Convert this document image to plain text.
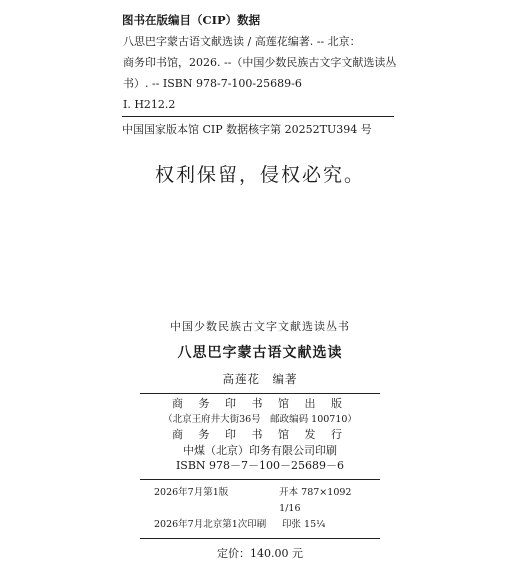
图书在版编目（CIP）数据
八思巴字蒙古语文献选读 / 高莲花编著. -- 北京：
商务印书馆，2026. --（中国少数民族古文字文献选读丛
书）. -- ISBN 978-7-100-25689-6
I. H212.2
中国国家版本馆 CIP 数据核字第 20252TU394 号
权利保留，侵权必究。
中国少数民族古文字文献选读丛书
八思巴字蒙古语文献选读
高莲花　编著
商 务 印 书 馆 出 版
（北京王府井大街36号　邮政编码 100710）
商 务 印 书 馆 发 行
中煤（北京）印务有限公司印刷
ISBN 978－7－100－25689－6
2026年7月第1版	开本 787×1092　1/16
2026年7月北京第1次印刷	印张 15¼
定价：140.00 元
